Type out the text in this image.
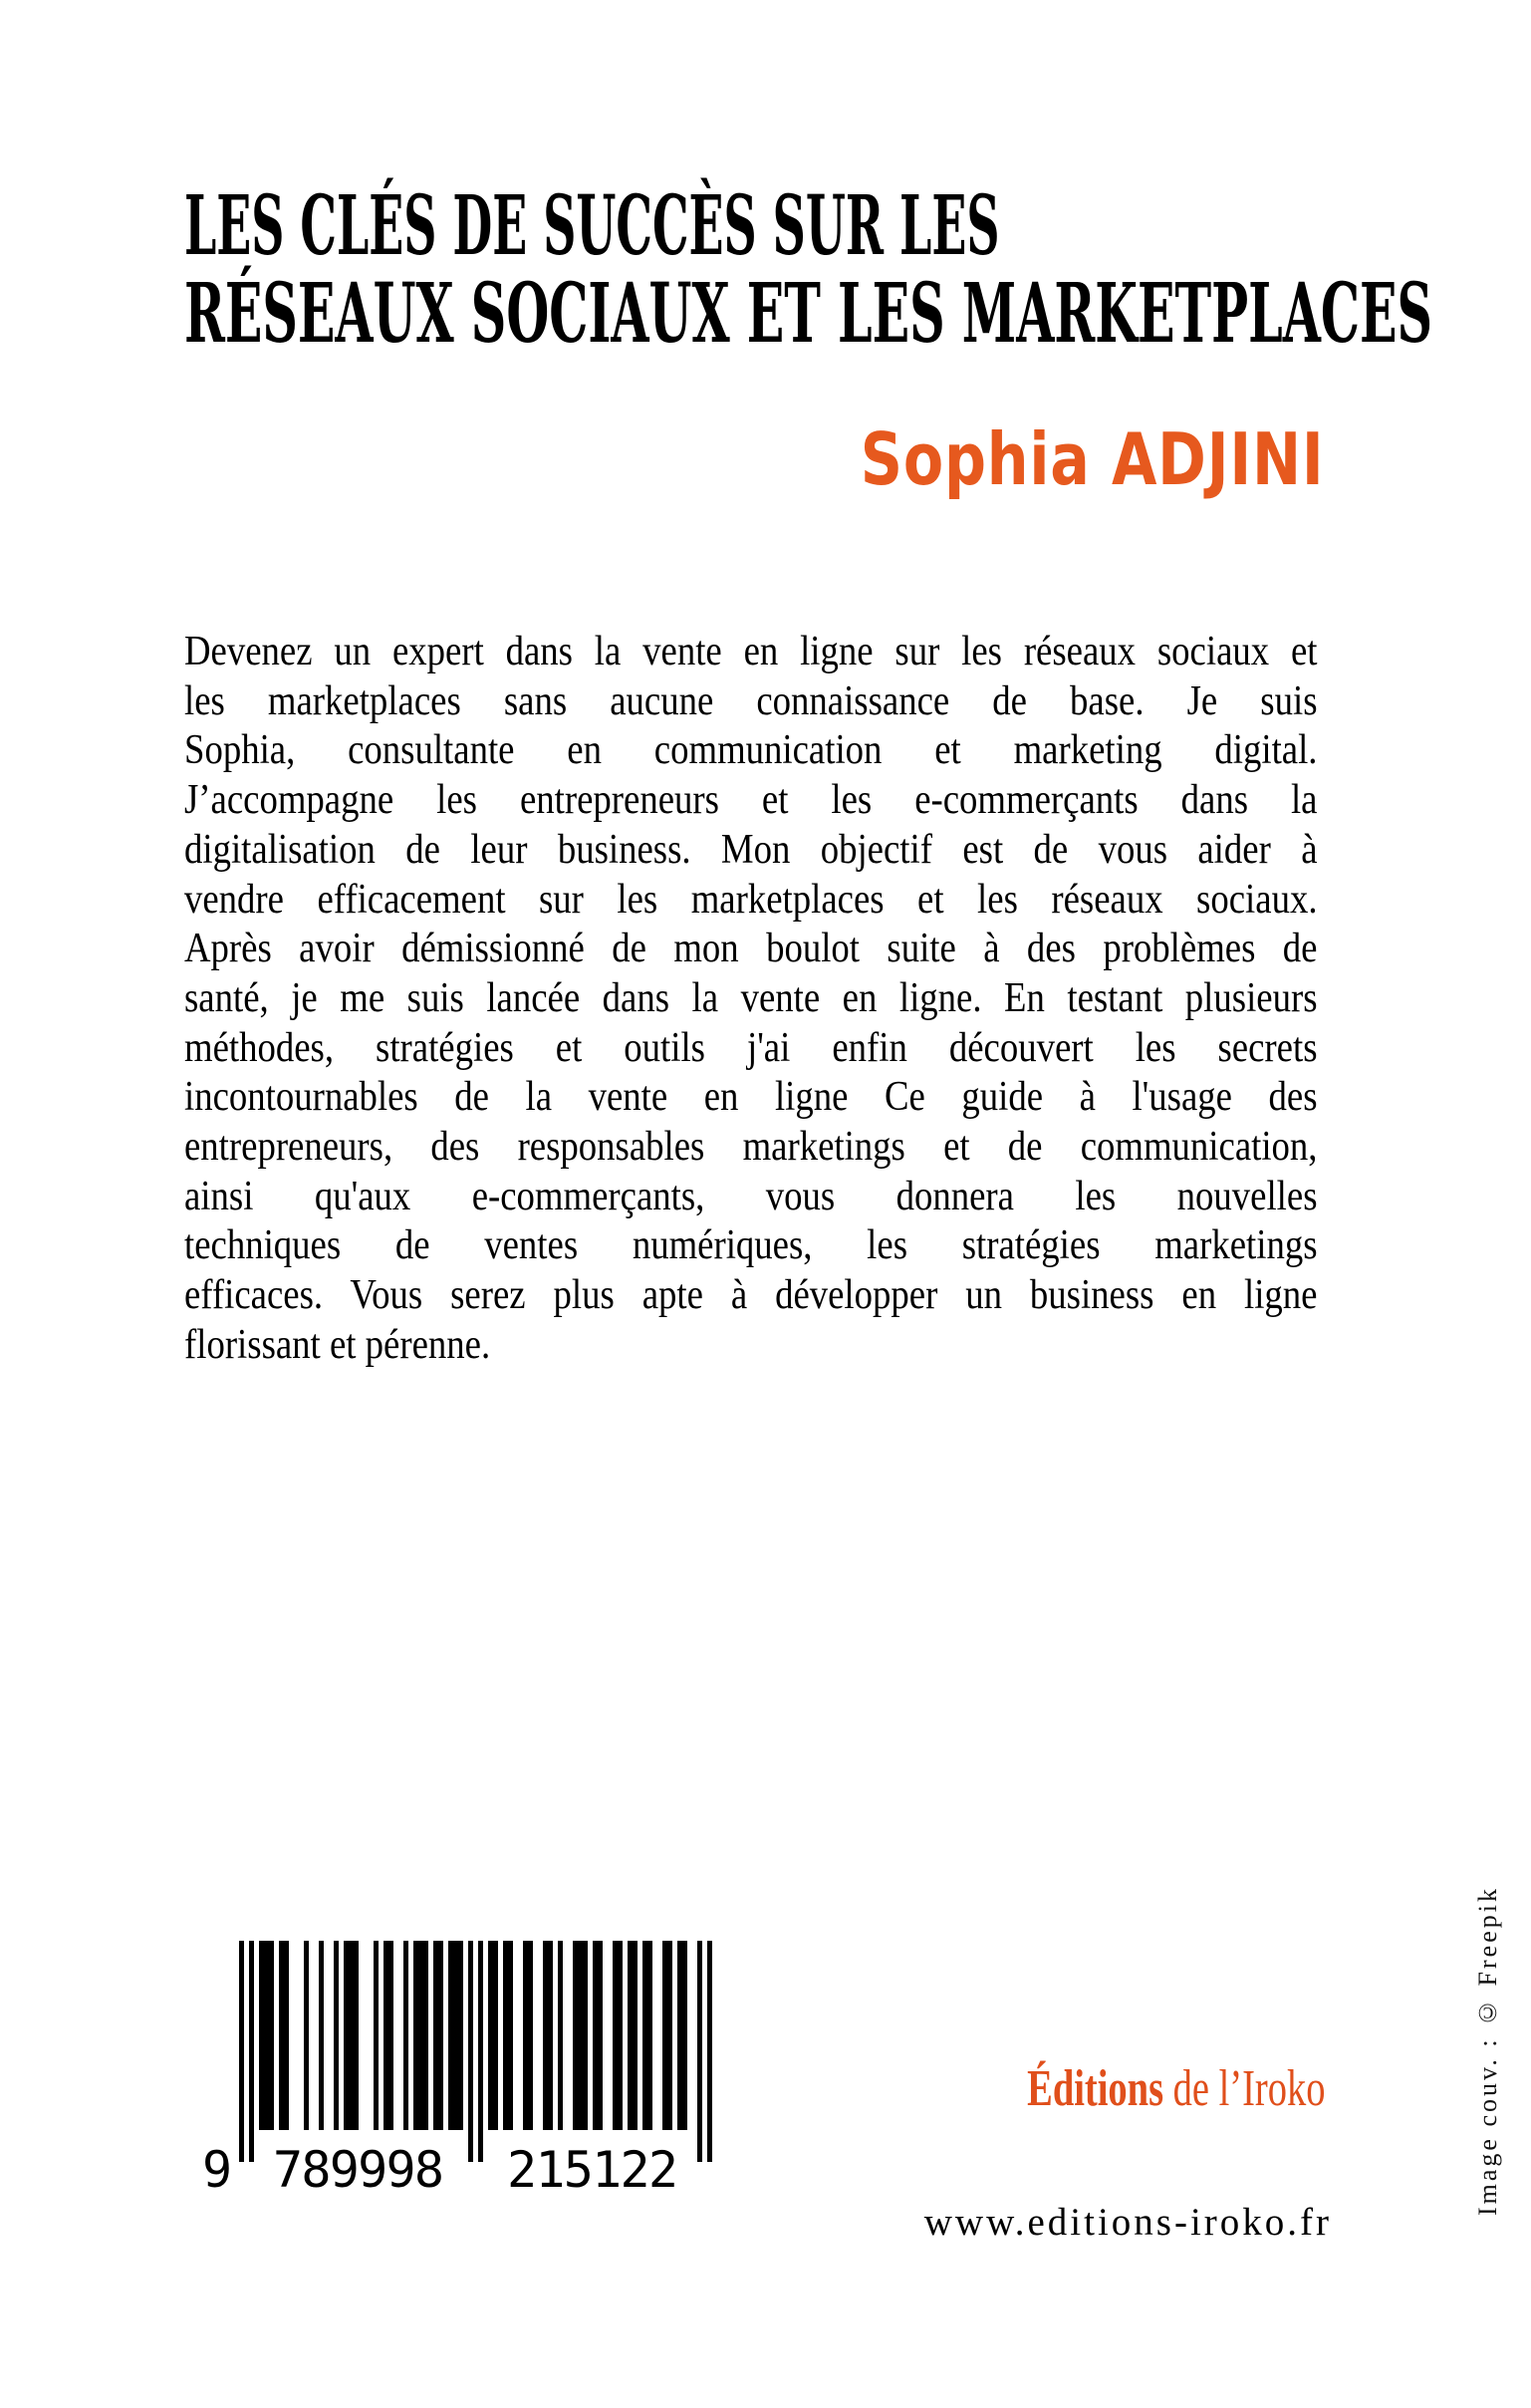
LES CLÉS DE SUCCÈS SUR LES
RÉSEAUX SOCIAUX ET LES MARKETPLACES
Sophia ADJINI
Devenez un expert dans la vente en ligne sur les réseaux sociaux et
les marketplaces sans aucune connaissance de base. Je suis
Sophia, consultante en communication et marketing digital.
J’accompagne les entrepreneurs et les e-commerçants dans la
digitalisation de leur business. Mon objectif est de vous aider à
vendre efficacement sur les marketplaces et les réseaux sociaux.
Après avoir démissionné de mon boulot suite à des problèmes de
santé, je me suis lancée dans la vente en ligne. En testant plusieurs
méthodes, stratégies et outils j'ai enfin découvert les secrets
incontournables de la vente en ligne Ce guide à l'usage des
entrepreneurs, des responsables marketings et de communication,
ainsi qu'aux e-commerçants, vous donnera les nouvelles
techniques de ventes numériques, les stratégies marketings
efficaces. Vous serez plus apte à développer un business en ligne
florissant et pérenne.
9 789998 215122
Éditions de l’Iroko
www.editions-iroko.fr
Image couv. : © Freepik
